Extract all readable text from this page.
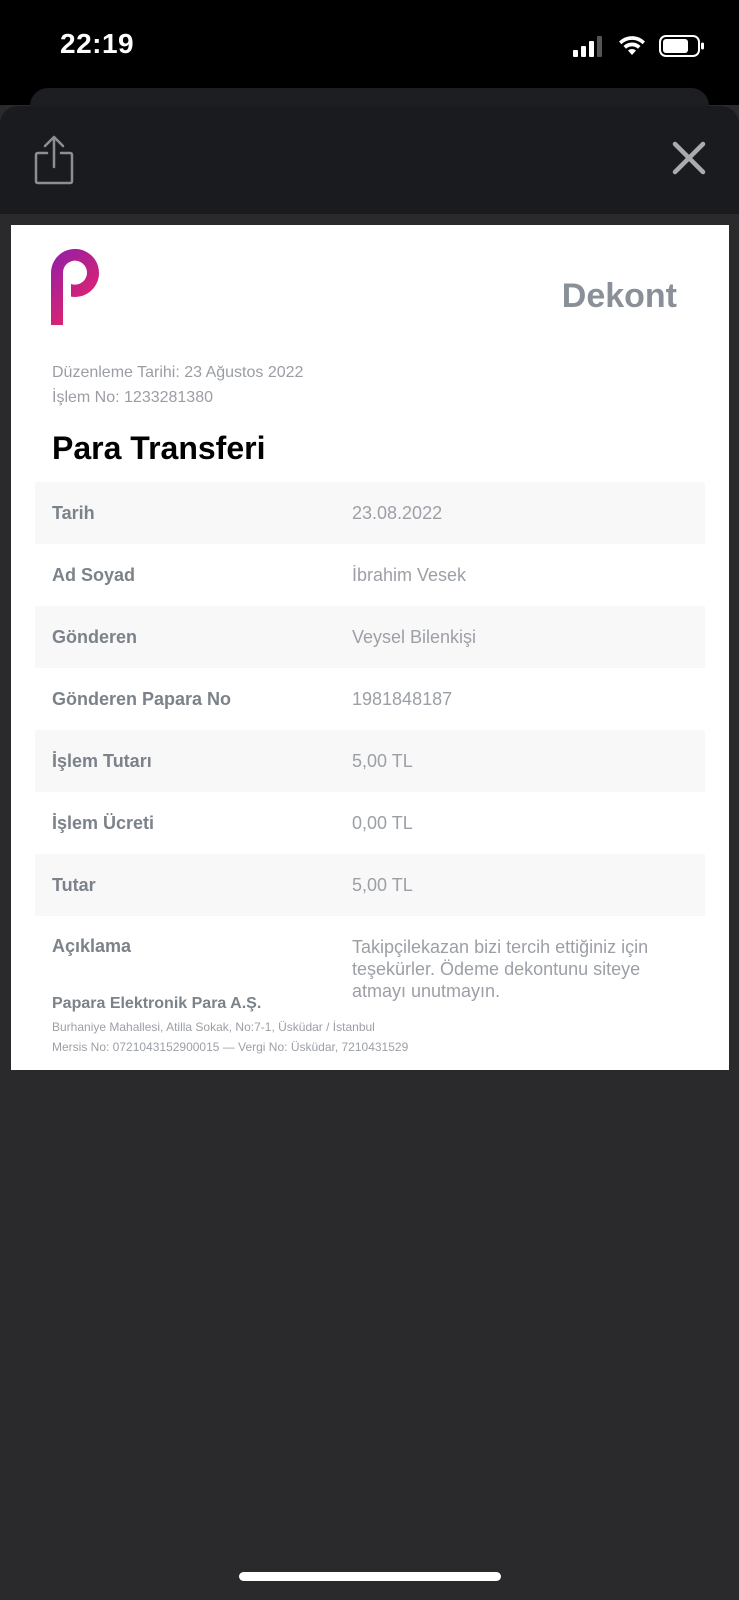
22:19
Dekont
Düzenleme Tarihi: 23 Ağustos 2022
İşlem No: 1233281380
Para Transferi
Tarih	23.08.2022
Ad Soyad	İbrahim Vesek
Gönderen	Veysel Bilenkişi
Gönderen Papara No	1981848187
İşlem Tutarı	5,00 TL
İşlem Ücreti	0,00 TL
Tutar	5,00 TL
Açıklama	Takipçilekazan bizi tercih ettiğiniz için teşekürler. Ödeme dekontunu siteye atmayı unutmayın.
Papara Elektronik Para A.Ş.
Burhaniye Mahallesi, Atilla Sokak, No:7-1, Üsküdar / İstanbul
Mersis No: 0721043152900015 — Vergi No: Üsküdar, 7210431529
